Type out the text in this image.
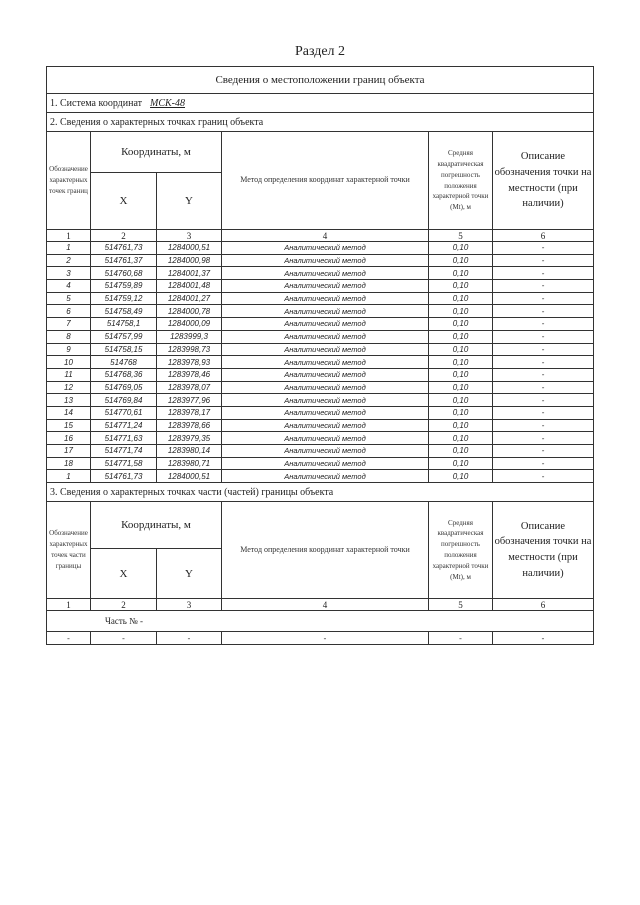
Раздел 2
Сведения о местоположении границ объекта					
1. Система координат МСК-48					
2. Сведения о характерных точках границ объекта					
Обозначение характерных точек границ	Координаты, м		Метод определения координат характерной точки	Средняя квадратическая погрешность положения характерной точки (Mt), м	Описание обозначения точки на местности (при наличии)
	X	Y			
1	2	3	4	5	6
1	514761,73	1284000,51	Аналитический метод	0,10	-
2	514761,37	1284000,98	Аналитический метод	0,10	-
3	514760,68	1284001,37	Аналитический метод	0,10	-
4	514759,89	1284001,48	Аналитический метод	0,10	-
5	514759,12	1284001,27	Аналитический метод	0,10	-
6	514758,49	1284000,78	Аналитический метод	0,10	-
7	514758,1	1284000,09	Аналитический метод	0,10	-
8	514757,99	1283999,3	Аналитический метод	0,10	-
9	514758,15	1283998,73	Аналитический метод	0,10	-
10	514768	1283978,93	Аналитический метод	0,10	-
11	514768,36	1283978,46	Аналитический метод	0,10	-
12	514769,05	1283978,07	Аналитический метод	0,10	-
13	514769,84	1283977,96	Аналитический метод	0,10	-
14	514770,61	1283978,17	Аналитический метод	0,10	-
15	514771,24	1283978,66	Аналитический метод	0,10	-
16	514771,63	1283979,35	Аналитический метод	0,10	-
17	514771,74	1283980,14	Аналитический метод	0,10	-
18	514771,58	1283980,71	Аналитический метод	0,10	-
1	514761,73	1284000,51	Аналитический метод	0,10	-
3. Сведения о характерных точках части (частей) границы объекта					
Обозначение характерных точек части границы	Координаты, м		Метод определения координат характерной точки	Средняя квадратическая погрешность положения характерной точки (Mt), м	Описание обозначения точки на местности (при наличии)
	X	Y			
1	2	3	4	5	6
Часть № -					
-	-	-	-	-	-
